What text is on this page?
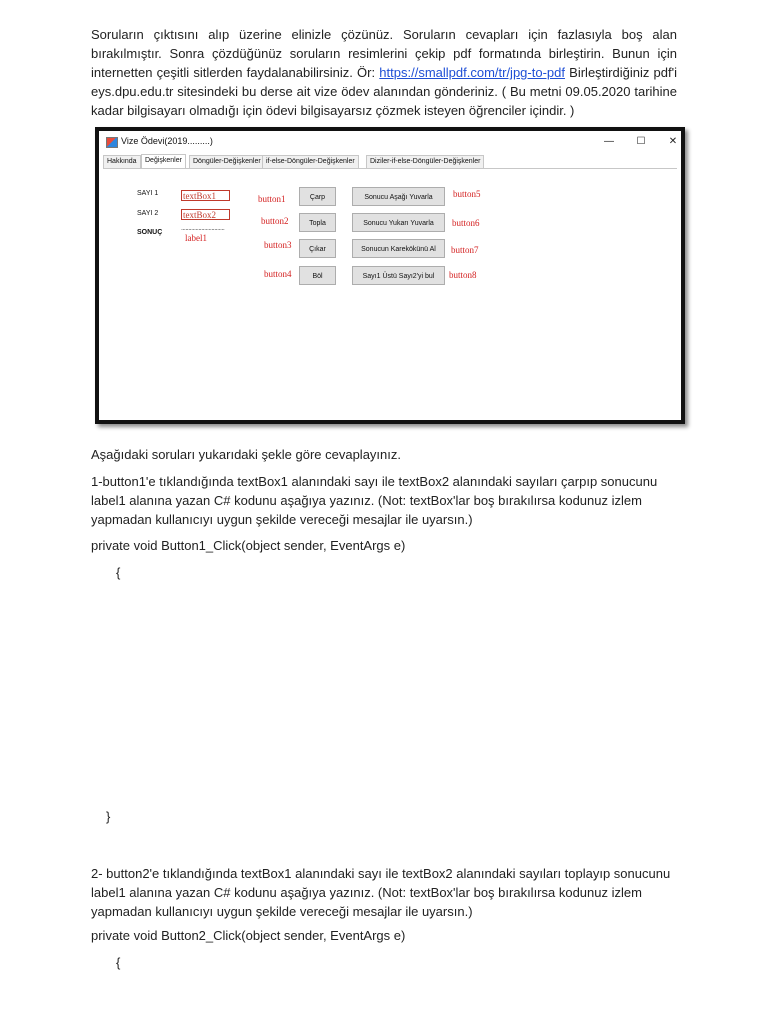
Soruların çıktısını alıp üzerine elinizle çözünüz. Soruların cevapları için fazlasıyla boş alan bırakılmıştır. Sonra çözdüğünüz soruların resimlerini çekip pdf formatında birleştirin. Bunun için internetten çeşitli sitlerden faydalanabilirsiniz. Ör: https://smallpdf.com/tr/jpg-to-pdf Birleştirdiğiniz pdf'i eys.dpu.edu.tr sitesindeki bu derse ait vize ödev alanından gönderiniz. ( Bu metni 09.05.2020 tarihine kadar bilgisayarı olmadığı için ödevi bilgisayarsız çözmek isteyen öğrenciler içindir. )

Vize Ödevi(2019.........)	—	☐	✕
Hakkında	Değişkenler	Döngüler-Değişkenler if-else-Döngüler-Değişkenler	Diziler-if-else-Döngüler-Değişkenler
SAYI 1
SAYI 2
SONUÇ
textBox1
textBox2
..............................
label1
button1
button2
button3
button4
Çarp
Topla
Çıkar
Böl
Sonucu Aşağı Yuvarla
Sonucu Yukarı Yuvarla
Sonucun Karekökünü Al
Sayı1 Üstü Sayı2'yi bul
button5
button6
button7
button8

Aşağıdaki soruları yukarıdaki şekle göre cevaplayınız.

1-button1'e tıklandığında textBox1 alanındaki sayı ile textBox2 alanındaki sayıları çarpıp sonucunu label1 alanına yazan C# kodunu aşağıya yazınız. (Not: textBox'lar boş bırakılırsa kodunuz izlem yapmadan kullanıcıyı uygun şekilde vereceği mesajlar ile uyarsın.)

private void Button1_Click(object sender, EventArgs e)

{
}

2- button2'e tıklandığında textBox1 alanındaki sayı ile textBox2 alanındaki sayıları toplayıp sonucunu label1 alanına yazan C# kodunu aşağıya yazınız. (Not: textBox'lar boş bırakılırsa kodunuz izlem yapmadan kullanıcıyı uygun şekilde vereceği mesajlar ile uyarsın.)

private void Button2_Click(object sender, EventArgs e)

{
